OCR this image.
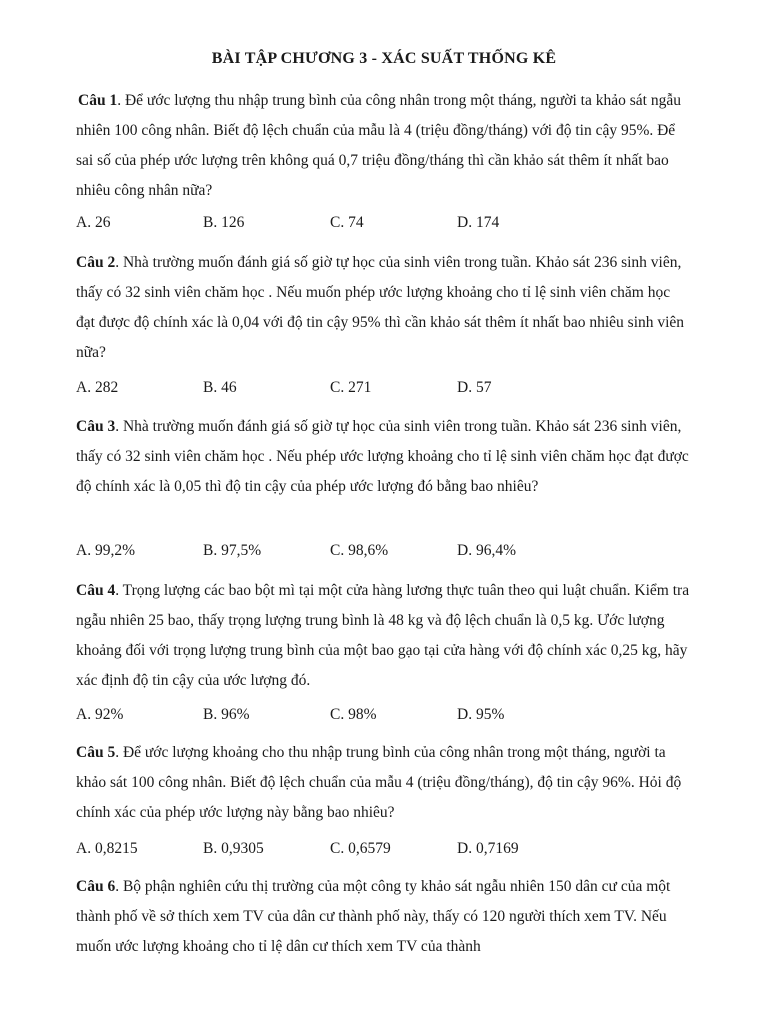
BÀI TẬP CHƯƠNG 3 - XÁC SUẤT THỐNG KÊ
Câu 1. Để ước lượng thu nhập trung bình của công nhân trong một tháng, người ta khảo sát ngẫu nhiên 100 công nhân. Biết độ lệch chuẩn của mẫu là 4 (triệu đồng/tháng) với độ tin cậy 95%. Để sai số của phép ước lượng trên không quá 0,7 triệu đồng/tháng thì cần khảo sát thêm ít nhất bao nhiêu công nhân nữa?
A. 26	B. 126	C. 74	D. 174
Câu 2. Nhà trường muốn đánh giá số giờ tự học của sinh viên trong tuần. Khảo sát 236 sinh viên, thấy có 32 sinh viên chăm học . Nếu muốn phép ước lượng khoảng cho tỉ lệ sinh viên chăm học đạt được độ chính xác là 0,04 với độ tin cậy 95% thì cần khảo sát thêm ít nhất bao nhiêu sinh viên nữa?
A. 282	B. 46	C. 271	D. 57
Câu 3. Nhà trường muốn đánh giá số giờ tự học của sinh viên trong tuần. Khảo sát 236 sinh viên, thấy có 32 sinh viên chăm học . Nếu phép ước lượng khoảng cho tỉ lệ sinh viên chăm học đạt được độ chính xác là 0,05 thì độ tin cậy của phép ước lượng đó bằng bao nhiêu?
A. 99,2%	B. 97,5%	C. 98,6%	D. 96,4%
Câu 4. Trọng lượng các bao bột mì tại một cửa hàng lương thực tuân theo qui luật chuẩn. Kiểm tra ngẫu nhiên 25 bao, thấy trọng lượng trung bình là 48 kg và độ lệch chuẩn là 0,5 kg. Ước lượng khoảng đối với trọng lượng trung bình của một bao gạo tại cửa hàng với độ chính xác 0,25 kg, hãy xác định độ tin cậy của ước lượng đó.
A. 92%	B. 96%	C. 98%	D. 95%
Câu 5. Để ước lượng khoảng cho thu nhập trung bình của công nhân trong một tháng, người ta khảo sát 100 công nhân. Biết độ lệch chuẩn của mẫu 4 (triệu đồng/tháng), độ tin cậy 96%. Hỏi độ chính xác của phép ước lượng này bằng bao nhiêu?
A. 0,8215	B. 0,9305	C. 0,6579	D. 0,7169
Câu 6. Bộ phận nghiên cứu thị trường của một công ty khảo sát ngẫu nhiên 150 dân cư của một thành phố về sở thích xem TV của dân cư thành phố này, thấy có 120 người thích xem TV. Nếu muốn ước lượng khoảng cho tỉ lệ dân cư thích xem TV của thành
